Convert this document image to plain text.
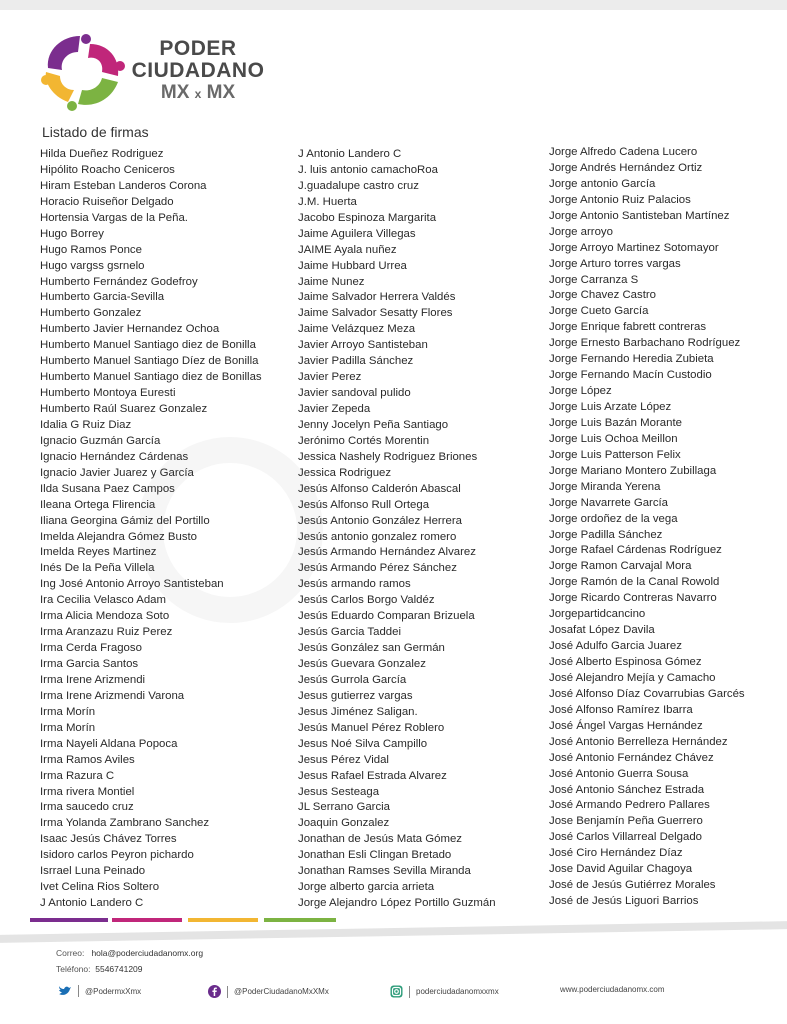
PODER
CIUDADANO
MX x MX
Listado de firmas
Hilda Dueñez Rodriguez
Hipólito Roacho Ceniceros
Hiram Esteban Landeros Corona
Horacio Ruiseñor Delgado
Hortensia Vargas de la Peña.
Hugo Borrey
Hugo Ramos Ponce
Hugo vargss gsrnelo
Humberto Fernández Godefroy
Humberto Garcia-Sevilla
Humberto Gonzalez
Humberto Javier Hernandez Ochoa
Humberto Manuel Santiago diez de Bonilla
Humberto Manuel Santiago Díez de Bonilla
Humberto Manuel Santiago diez de Bonillas
Humberto Montoya Euresti
Humberto Raúl Suarez Gonzalez
Idalia G Ruiz Diaz
Ignacio Guzmán García
Ignacio Hernández Cárdenas
Ignacio Javier Juarez y García
Ilda Susana Paez Campos
Ileana Ortega Flirencia
Iliana Georgina Gámiz del Portillo
Imelda Alejandra Gómez Busto
Imelda Reyes Martinez
Inés De la Peña Villela
Ing José Antonio Arroyo Santisteban
Ira Cecilia Velasco Adam
Irma Alicia Mendoza Soto
Irma Aranzazu Ruiz Perez
Irma Cerda Fragoso
Irma Garcia Santos
Irma Irene Arizmendi
Irma Irene Arizmendi Varona
Irma Morín
Irma Morín
Irma Nayeli Aldana Popoca
Irma Ramos Aviles
Irma Razura C
Irma rivera Montiel
Irma saucedo cruz
Irma Yolanda Zambrano Sanchez
Isaac Jesús Chávez Torres
Isidoro carlos Peyron pichardo
Isrrael Luna Peinado
Ivet Celina Rios Soltero
J Antonio Landero C
J Antonio Landero C
J. luis antonio camachoRoa
J.guadalupe castro cruz
J.M. Huerta
Jacobo Espinoza Margarita
Jaime Aguilera Villegas
JAIME Ayala nuñez
Jaime Hubbard Urrea
Jaime Nunez
Jaime Salvador Herrera Valdés
Jaime Salvador Sesatty Flores
Jaime Velázquez Meza
Javier Arroyo Santisteban
Javier Padilla Sánchez
Javier Perez
Javier sandoval pulido
Javier Zepeda
Jenny Jocelyn Peña Santiago
Jerónimo Cortés Morentin
Jessica Nashely Rodriguez Briones
Jessica Rodriguez
Jesús Alfonso Calderón Abascal
Jesús Alfonso Rull Ortega
Jesús Antonio González Herrera
Jesús antonio gonzalez romero
Jesús Armando Hernández Alvarez
Jesús Armando Pérez Sánchez
Jesús armando ramos
Jesús Carlos Borgo Valdéz
Jesús Eduardo Comparan Brizuela
Jesús Garcia Taddei
Jesús González san Germán
Jesús Guevara Gonzalez
Jesús Gurrola García
Jesus gutierrez vargas
Jesus Jiménez Saligan.
Jesús Manuel Pérez Roblero
Jesus Noé Silva Campillo
Jesus Pérez Vidal
Jesus Rafael Estrada Alvarez
Jesus Sesteaga
JL Serrano Garcia
Joaquin Gonzalez
Jonathan de Jesús Mata Gómez
Jonathan Esli Clingan Bretado
Jonathan Ramses Sevilla Miranda
Jorge alberto garcia arrieta
Jorge Alejandro López Portillo Guzmán
Jorge Alfredo Cadena Lucero
Jorge Andrés Hernández Ortiz
Jorge antonio García
Jorge Antonio Ruiz Palacios
Jorge Antonio Santisteban Martínez
Jorge arroyo
Jorge Arroyo Martinez Sotomayor
Jorge Arturo torres vargas
Jorge Carranza S
Jorge Chavez Castro
Jorge Cueto García
Jorge Enrique fabrett contreras
Jorge Ernesto Barbachano Rodríguez
Jorge Fernando Heredia Zubieta
Jorge Fernando Macín Custodio
Jorge López
Jorge Luis Arzate López
Jorge Luis Bazán Morante
Jorge Luis Ochoa Meillon
Jorge Luis Patterson Felix
Jorge Mariano Montero Zubillaga
Jorge Miranda Yerena
Jorge Navarrete García
Jorge ordoñez de la vega
Jorge Padilla Sánchez
Jorge Rafael Cárdenas Rodríguez
Jorge Ramon Carvajal Mora
Jorge Ramón de la Canal Rowold
Jorge Ricardo Contreras Navarro
Jorgepartidcancino
Josafat López Davila
José Adulfo Garcia Juarez
José Alberto Espinosa Gómez
José Alejandro Mejía y Camacho
José Alfonso Díaz Covarrubias Garcés
José Alfonso Ramírez Ibarra
José Ángel Vargas Hernández
José Antonio Berrelleza Hernández
José Antonio Fernández Chávez
José Antonio Guerra Sousa
José Antonio Sánchez Estrada
José Armando Pedrero Pallares
Jose Benjamín Peña Guerrero
José Carlos Villarreal Delgado
José Ciro Hernández Díaz
Jose David Aguilar Chagoya
José de Jesús Gutiérrez Morales
José de Jesús Liguori Barrios
Correo: hola@poderciudadanomx.org
Teléfono: 5546741209
@PodermxXmx	@PoderCiudadanoMxXMx	poderciudadanomxxmx	www.poderciudadanomx.com
